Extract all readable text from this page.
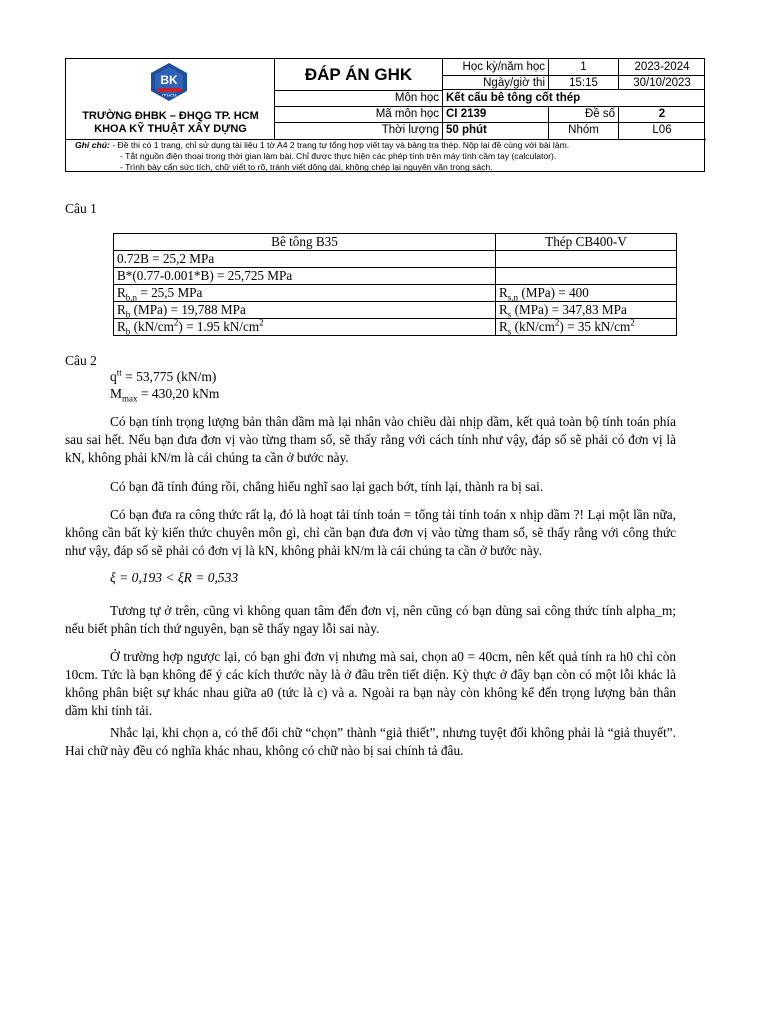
BK
TP.HCM
TRƯỜNG ĐHBK – ĐHQG TP. HCM
KHOA KỸ THUẬT XÂY DỰNG
ĐÁP ÁN GHK	Học kỳ/năm học	1	2023-2024
Ngày/giờ thi	15:15	30/10/2023
Môn học Kết cấu bê tông cốt thép
Mã môn học CI 2139	Đề số	2
Thời lượng 50 phút	Nhóm	L06
Ghi chú: - Đề thi có 1 trang, chỉ sử dụng tài liệu 1 tờ A4 2 trang tự tổng hợp viết tay và bảng tra thép. Nộp lại đề cùng với bài làm.
- Tắt nguồn điện thoại trong thời gian làm bài. Chỉ được thực hiện các phép tính trên máy tính cầm tay (calculator).
- Trình bày cẩn sức tích, chữ viết to rõ, tránh viết dông dài, không chép lại nguyên văn trong sách.
Câu 1
Bê tông B35	Thép CB400-V
0.72B = 25,2 MPa	
B*(0.77-0.001*B) = 25,725 MPa	
$R_{b,n} = 25,5$ MPa	$R_{s,n}$ (MPa) = 400
$R_b$ (MPa) = 19,788 MPa	$R_s$ (MPa) = 347,83 MPa
$R_b$ $(kN/cm^2) = 1.95$ $kN/cm^2$	$R_s$ $(kN/cm^2) = 35$ $kN/cm^2$
Câu 2
$q^{tt} = 53,775$ (kN/m)
$M_{max} = 430,20$ kNm

Có bạn tính trọng lượng bản thân dầm mà lại nhân vào chiều dài nhịp dầm, kết quả toàn bộ tính toán phía sau sai hết. Nếu bạn đưa đơn vị vào từng tham số, sẽ thấy rằng với cách tính như vậy, đáp số sẽ phải có đơn vị là kN, không phải kN/m là cái chúng ta cần ở bước này.

Có bạn đã tính đúng rồi, chẳng hiểu nghĩ sao lại gạch bớt, tính lại, thành ra bị sai.

Có bạn đưa ra công thức rất lạ, đó là hoạt tải tính toán = tổng tải tính toán x nhịp dầm ?! Lại một lần nữa, không cần bất kỳ kiến thức chuyên môn gì, chỉ cần bạn đưa đơn vị vào từng tham số, sẽ thấy rằng với công thức như vậy, đáp số sẽ phải có đơn vị là kN, không phải kN/m là cái chúng ta cần ở bước này.

ξ = 0,193 < ξR = 0,533

Tương tự ở trên, cũng vì không quan tâm đến đơn vị, nên cũng có bạn dùng sai công thức tính alpha_m; nếu biết phân tích thứ nguyên, bạn sẽ thấy ngay lỗi sai này.

Ở trường hợp ngược lại, có bạn ghi đơn vị nhưng mà sai, chọn a0 = 40cm, nên kết quả tính ra h0 chỉ còn 10cm. Tức là bạn không để ý các kích thước này là ở đâu trên tiết diện. Kỳ thực ở đây bạn còn có một lỗi khác là không phân biệt sự khác nhau giữa a0 (tức là c) và a. Ngoài ra bạn này còn không kể đến trọng lượng bản thân dầm khi tính tải.

Nhắc lại, khi chọn a, có thể đổi chữ “chọn” thành “giả thiết”, nhưng tuyệt đối không phải là “giả thuyết”. Hai chữ này đều có nghĩa khác nhau, không có chữ nào bị sai chính tả đâu.
